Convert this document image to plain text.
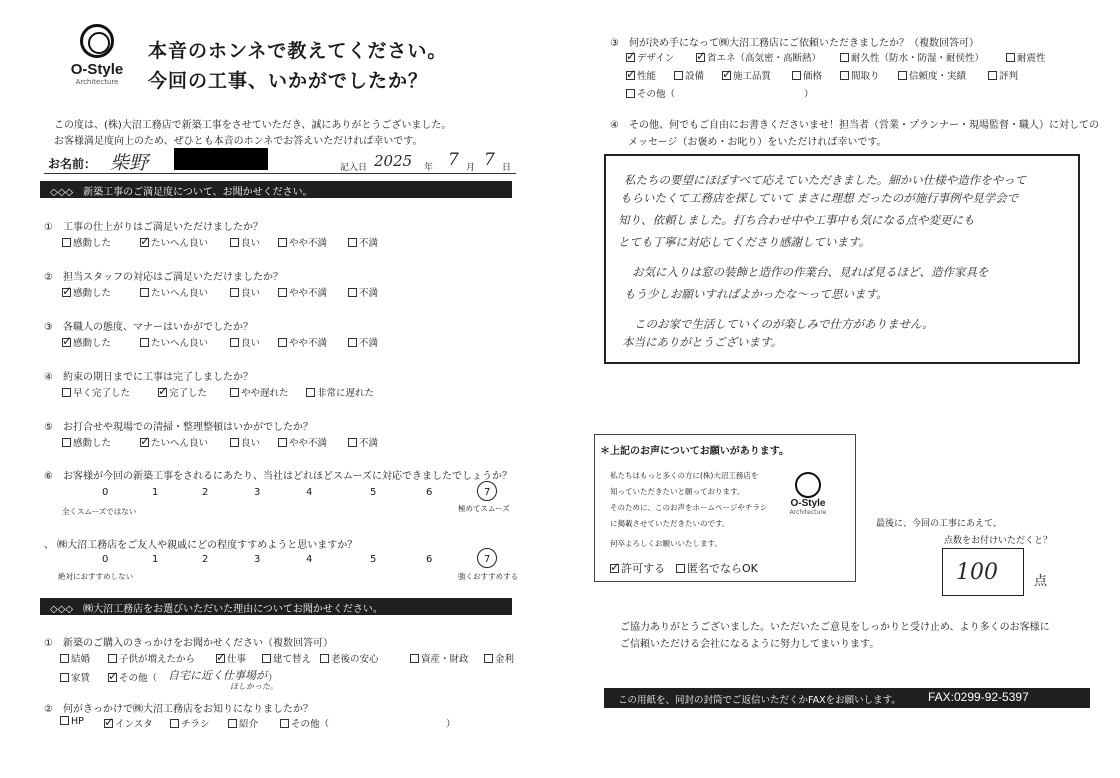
O-Style
Architecture
本音のホンネで教えてください。
今回の工事、いかがでしたか？
この度は、(株)大沼工務店で新築工事をさせていただき、誠にありがとうございました。
お客様満足度向上のため、ぜひとも本音のホンネでお答えいただければ幸いです。
お名前： 柴野	記入日 2025 年 7 月 7 日
◇◇◇　新築工事のご満足度について、お聞かせください。
①　工事の仕上がりはご満足いただけましたか？
感動した ✓	たいへん良い	良い	やや不満	不満
②　担当スタッフの対応はご満足いただけましたか？
✓感動した	たいへん良い	良い	やや不満	不満
③　各職人の態度、マナーはいかがでしたか？
✓感動した	たいへん良い	良い	やや不満	不満
④　約束の期日までに工事は完了しましたか？
早く完了した ✓	完了した	やや遅れた	非常に遅れた
⑤　お打合せや現場での清掃・整理整頓はいかがでしたか？
感動した ✓	たいへん良い	良い	やや不満	不満
⑥　お客様が今回の新築工事をされるにあたり、当社はどれほどスムーズに対応できましたでしょうか？
0	1	2	3	4	5	6	7
全くスムーズではない	極めてスムーズ
、 ㈱大沼工務店をご友人や親戚にどの程度すすめようと思いますか？
0	1	2	3	4	5	6	7
絶対におすすめしない	強くおすすめする
◇◇◇　㈱大沼工務店をお選びいただいた理由についてお聞かせください。
①　新築のご購入のきっかけをお聞かせください（複数回答可）
結婚	子供が増えたから ✓	仕事	建て替え	老後の安心	資産・財政	金利
家賃 ✓	その他（ 自宅に近く仕事場が
ほしかった。
）
②　何がきっかけで㈱大沼工務店をお知りになりましたか？
HP ✓	インスタ	チラシ	紹介	その他（	）
③　何が決め手になって㈱大沼工務店にご依頼いただきましたか？（複数回答可）
✓デザイン ✓	省エネ（高気密・高断熱）	耐久性（防水・防湿・耐侯性）	耐震性
✓性能	設備 ✓	施工品質	価格	間取り	信頼度・実績	評判
その他（	）
④　その他、何でもご自由にお書きくださいませ！担当者（営業・プランナー・現場監督・職人）に対しての
メッセージ（お褒め・お叱り）をいただければ幸いです。
私たちの要望にほぼすべて応えていただきました。細かい仕様や造作をやって
もらいたくて工務店を探していて まさに理想 だったのが施行事例や見学会で
知り、依頼しました。打ち合わせ中や工事中も気になる点や変更にも
とても丁寧に対応してくださり感謝しています。
お気に入りは窓の装飾と造作の作業台、見れば見るほど、造作家具を
もう少しお願いすればよかったな〜って思います。
このお家で生活していくのが楽しみで仕方がありません。
本当にありがとうございます。
＊上記のお声についてお願いがあります。
私たちはもっと多くの方に(株)大沼工務店を
知っていただきたいと願っております。
そのために、このお声をホームページやチラシ
に掲載させていただきたいのです。
何卒よろしくお願いいたします。
O-Style
Architecture
✓許可する	匿名でならOK
最後に、今回の工事にあえて、
点数をお付けいただくと？
100	点
ご協力ありがとうございました。いただいたご意見をしっかりと受け止め、より多くのお客様に
ご信頼いただける会社になるように努力してまいります。
この用紙を、同封の封筒でご返信いただくかFAXをお願いします。 FAX:0299-92-5397
